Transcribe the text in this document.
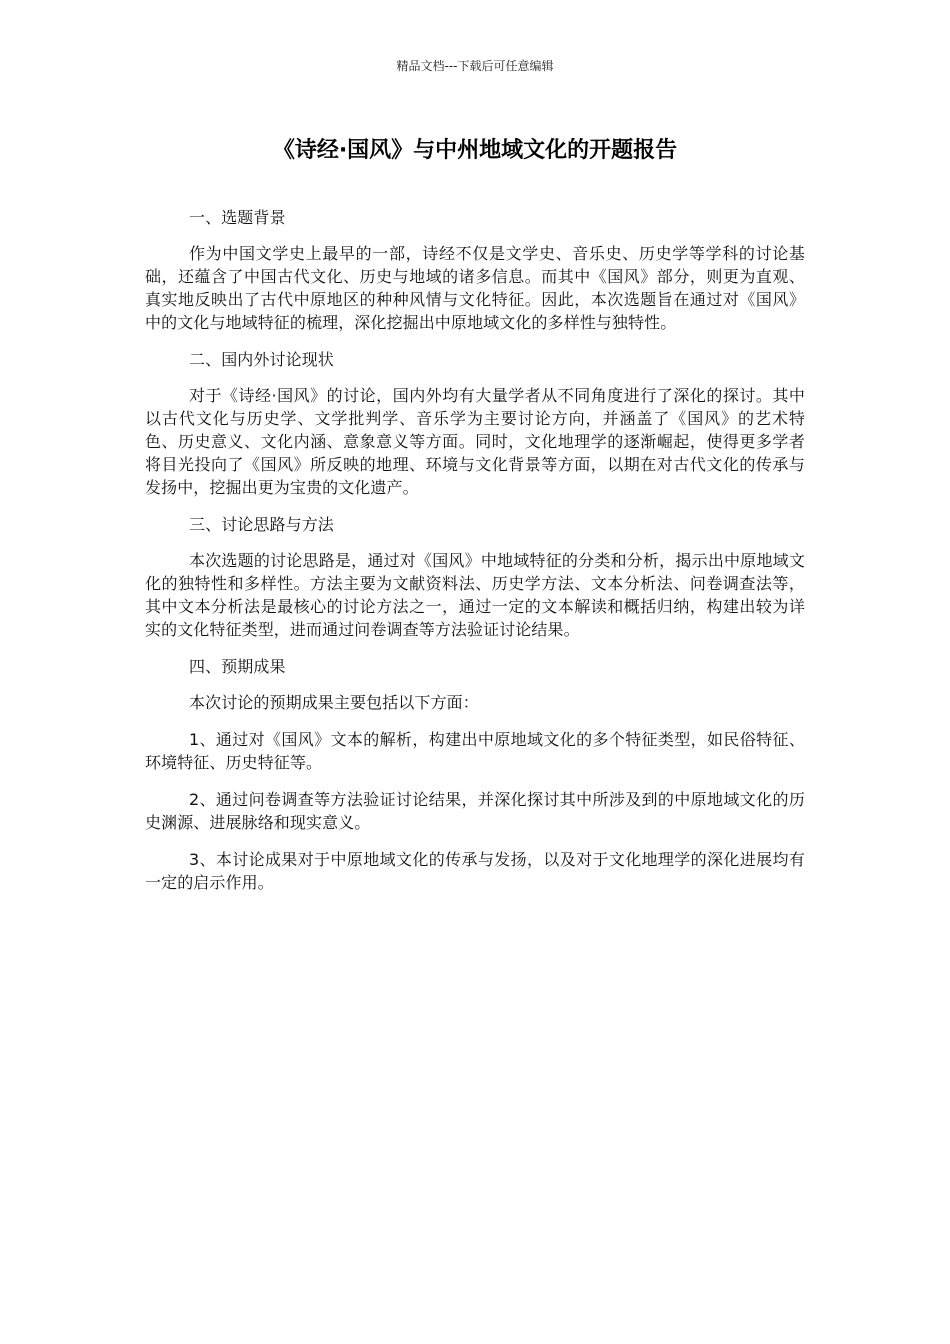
精品文档---下载后可任意编辑
《诗经·国风》与中州地域文化的开题报告

一、选题背景

作为中国文学史上最早的一部，诗经不仅是文学史、音乐史、历史学等学科的讨论基础，还蕴含了中国古代文化、历史与地域的诸多信息。而其中《国风》部分，则更为直观、真实地反映出了古代中原地区的种种风情与文化特征。因此，本次选题旨在通过对《国风》中的文化与地域特征的梳理，深化挖掘出中原地域文化的多样性与独特性。

二、国内外讨论现状

对于《诗经·国风》的讨论，国内外均有大量学者从不同角度进行了深化的探讨。其中以古代文化与历史学、文学批判学、音乐学为主要讨论方向，并涵盖了《国风》的艺术特色、历史意义、文化内涵、意象意义等方面。同时，文化地理学的逐渐崛起，使得更多学者将目光投向了《国风》所反映的地理、环境与文化背景等方面，以期在对古代文化的传承与发扬中，挖掘出更为宝贵的文化遗产。

三、讨论思路与方法

本次选题的讨论思路是，通过对《国风》中地域特征的分类和分析，揭示出中原地域文化的独特性和多样性。方法主要为文献资料法、历史学方法、文本分析法、问卷调查法等，其中文本分析法是最核心的讨论方法之一，通过一定的文本解读和概括归纳，构建出较为详实的文化特征类型，进而通过问卷调查等方法验证讨论结果。

四、预期成果

本次讨论的预期成果主要包括以下方面：

1、通过对《国风》文本的解析，构建出中原地域文化的多个特征类型，如民俗特征、环境特征、历史特征等。

2、通过问卷调查等方法验证讨论结果，并深化探讨其中所涉及到的中原地域文化的历史渊源、进展脉络和现实意义。

3、本讨论成果对于中原地域文化的传承与发扬，以及对于文化地理学的深化进展均有一定的启示作用。
